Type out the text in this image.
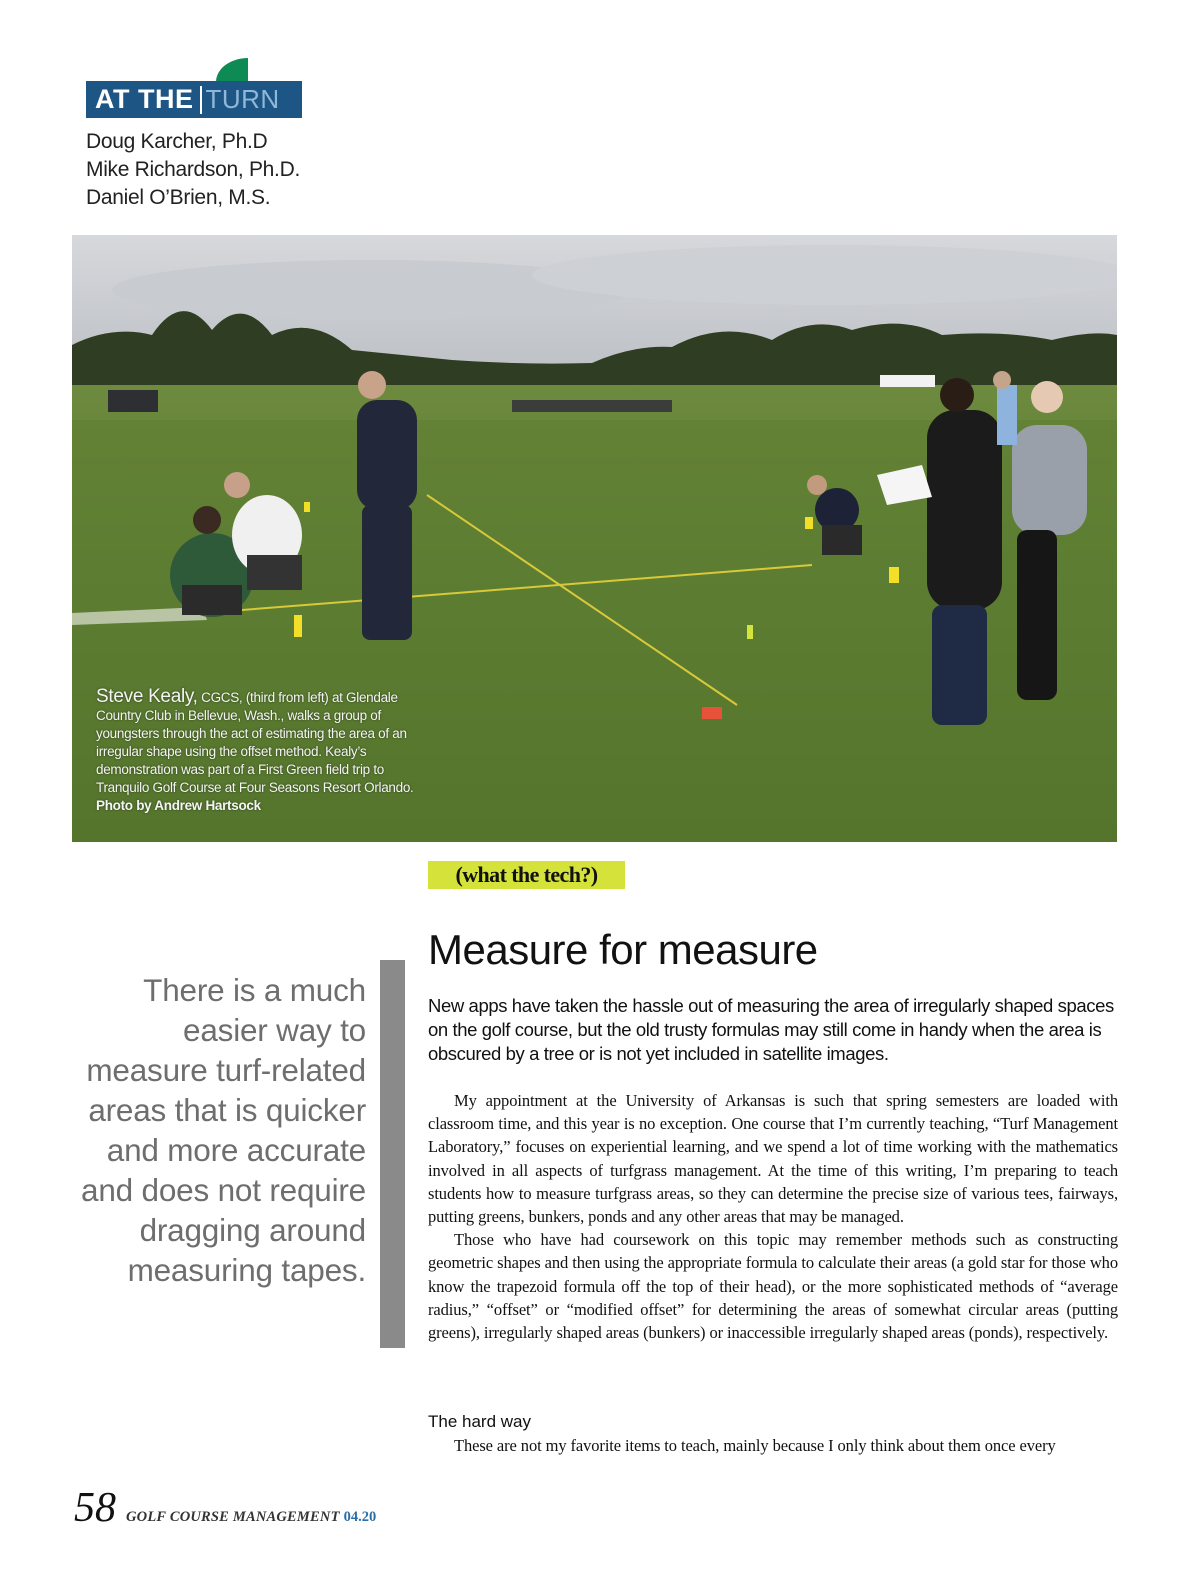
AT THE TURN
Doug Karcher, Ph.D
Mike Richardson, Ph.D.
Daniel O’Brien, M.S.
Steve Kealy, CGCS, (third from left) at Glendale Country Club in Bellevue, Wash., walks a group of youngsters through the act of estimating the area of an irregular shape using the offset method. Kealy’s demonstration was part of a First Green field trip to Tranquilo Golf Course at Four Seasons Resort Orlando.
Photo by Andrew Hartsock
(what the tech?)
Measure for measure
New apps have taken the hassle out of measuring the area of irregularly shaped spaces on the golf course, but the old trusty formulas may still come in handy when the area is obscured by a tree or is not yet included in satellite images.

My appointment at the University of Arkansas is such that spring semesters are loaded with classroom time, and this year is no exception. One course that I’m currently teaching, “Turf Management Laboratory,” focuses on experiential learning, and we spend a lot of time working with the mathematics involved in all aspects of turfgrass management. At the time of this writing, I’m preparing to teach students how to measure turfgrass areas, so they can determine the precise size of various tees, fairways, putting greens, bunkers, ponds and any other areas that may be managed.

Those who have had coursework on this topic may remember methods such as constructing geometric shapes and then using the appropriate formula to calculate their areas (a gold star for those who know the trapezoid formula off the top of their head), or the more sophisticated methods of “average radius,” “offset” or “modified offset” for determining the areas of somewhat circular areas (putting greens), irregularly shaped areas (bunkers) or inaccessible irregularly shaped areas (ponds), respectively.

The hard way
These are not my favorite items to teach, mainly because I only think about them once every
There is a much easier way to measure turf-related areas that is quicker and more accurate and does not require dragging around measuring tapes.
58 GOLF COURSE MANAGEMENT 04.20
